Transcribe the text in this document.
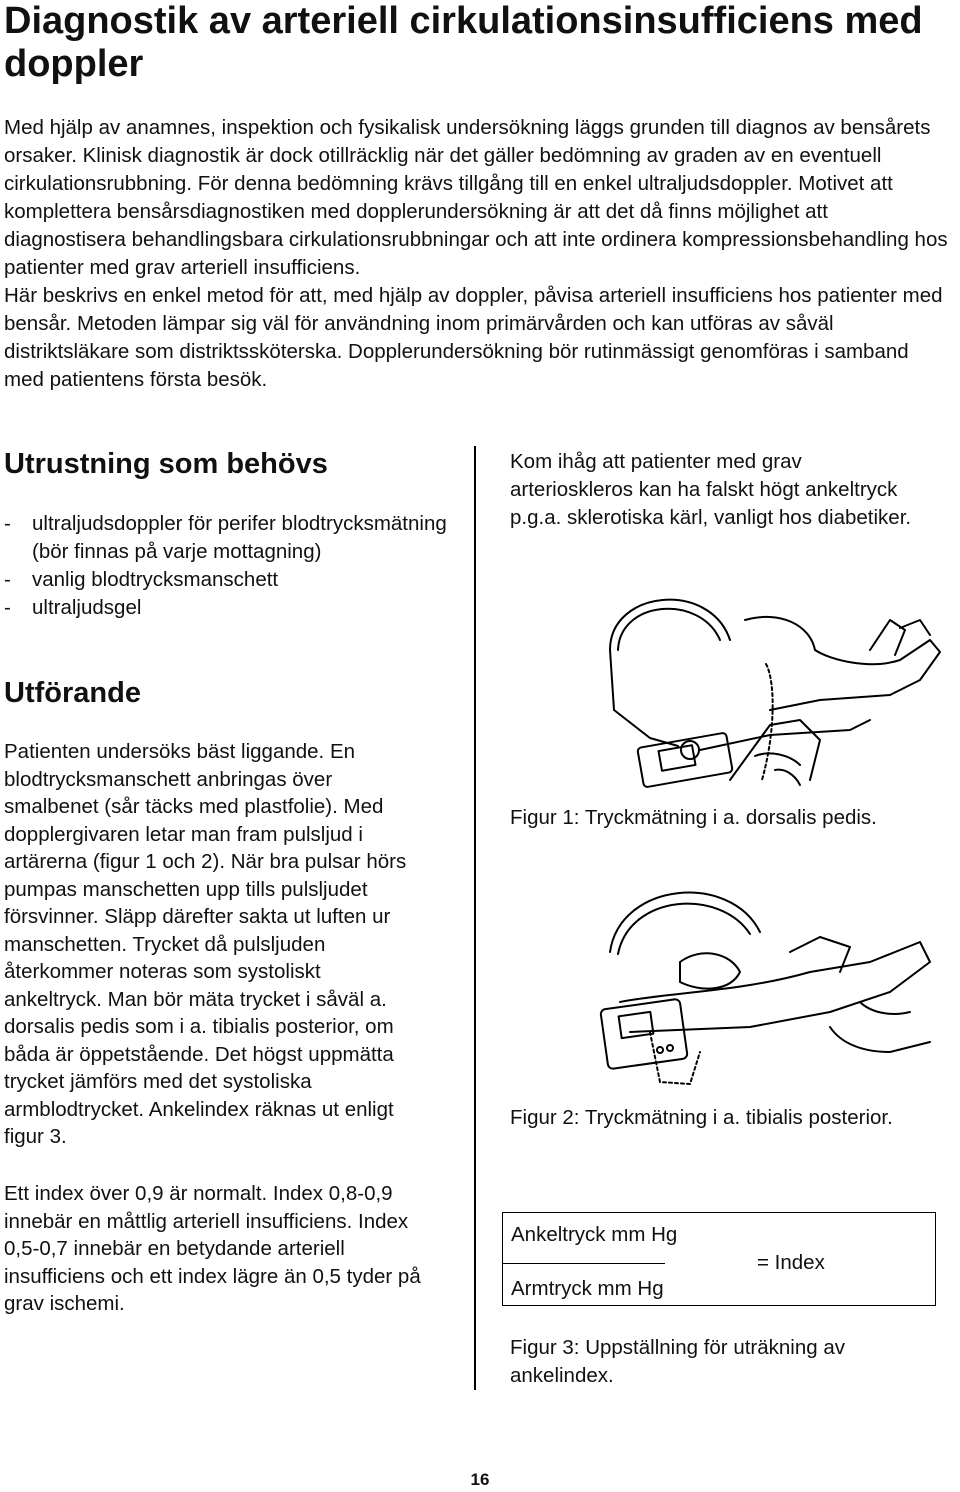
Diagnostik av arteriell cirkulationsinsufficiens med doppler

Med hjälp av anamnes, inspektion och fysikalisk undersökning läggs grunden till diagnos av bensårets orsaker. Klinisk diagnostik är dock otillräcklig när det gäller bedömning av graden av en eventuell cirkulationsrubbning. För denna bedömning krävs tillgång till en enkel ultraljudsdoppler. Motivet att komplettera bensårsdiagnostiken med dopplerundersökning är att det då finns möjlighet att diagnostisera behandlingsbara cirkulationsrubbningar och att inte ordinera kompressionsbehandling hos patienter med grav arteriell insufficiens.

Här beskrivs en enkel metod för att, med hjälp av doppler, påvisa arteriell insufficiens hos patienter med bensår. Metoden lämpar sig väl för användning inom primärvården och kan utföras av såväl distriktsläkare som distriktssköterska. Dopplerundersökning bör rutinmässigt genomföras i samband med patientens första besök.

Utrustning som behövs
- ultraljudsdoppler för perifer blodtrycksmätning (bör finnas på varje mottagning)
- vanlig blodtrycksmanschett
- ultraljudsgel
Utförande

Patienten undersöks bäst liggande. En blodtrycksmanschett anbringas över smalbenet (sår täcks med plastfolie). Med dopplergivaren letar man fram pulsljud i artärerna (figur 1 och 2). När bra pulsar hörs pumpas manschetten upp tills pulsljudet försvinner. Släpp därefter sakta ut luften ur manschetten. Trycket då pulsljuden återkommer noteras som systoliskt ankeltryck. Man bör mäta trycket i såväl a. dorsalis pedis som i a. tibialis posterior, om båda är öppetstående. Det högst uppmätta trycket jämförs med det systoliska armblodtrycket. Ankelindex räknas ut enligt figur 3.

Ett index över 0,9 är normalt. Index 0,8-0,9 innebär en måttlig arteriell insufficiens. Index 0,5-0,7 innebär en betydande arteriell insufficiens och ett index lägre än 0,5 tyder på grav ischemi.

Kom ihåg att patienter med grav arterioskleros kan ha falskt högt ankeltryck p.g.a. sklerotiska kärl, vanligt hos diabetiker.

Figur 1: Tryckmätning i a. dorsalis pedis.

Figur 2: Tryckmätning i a. tibialis posterior.

Ankeltryck mm Hg
Armtryck mm Hg
= Index

Figur 3: Uppställning för uträkning av ankelindex.

16
